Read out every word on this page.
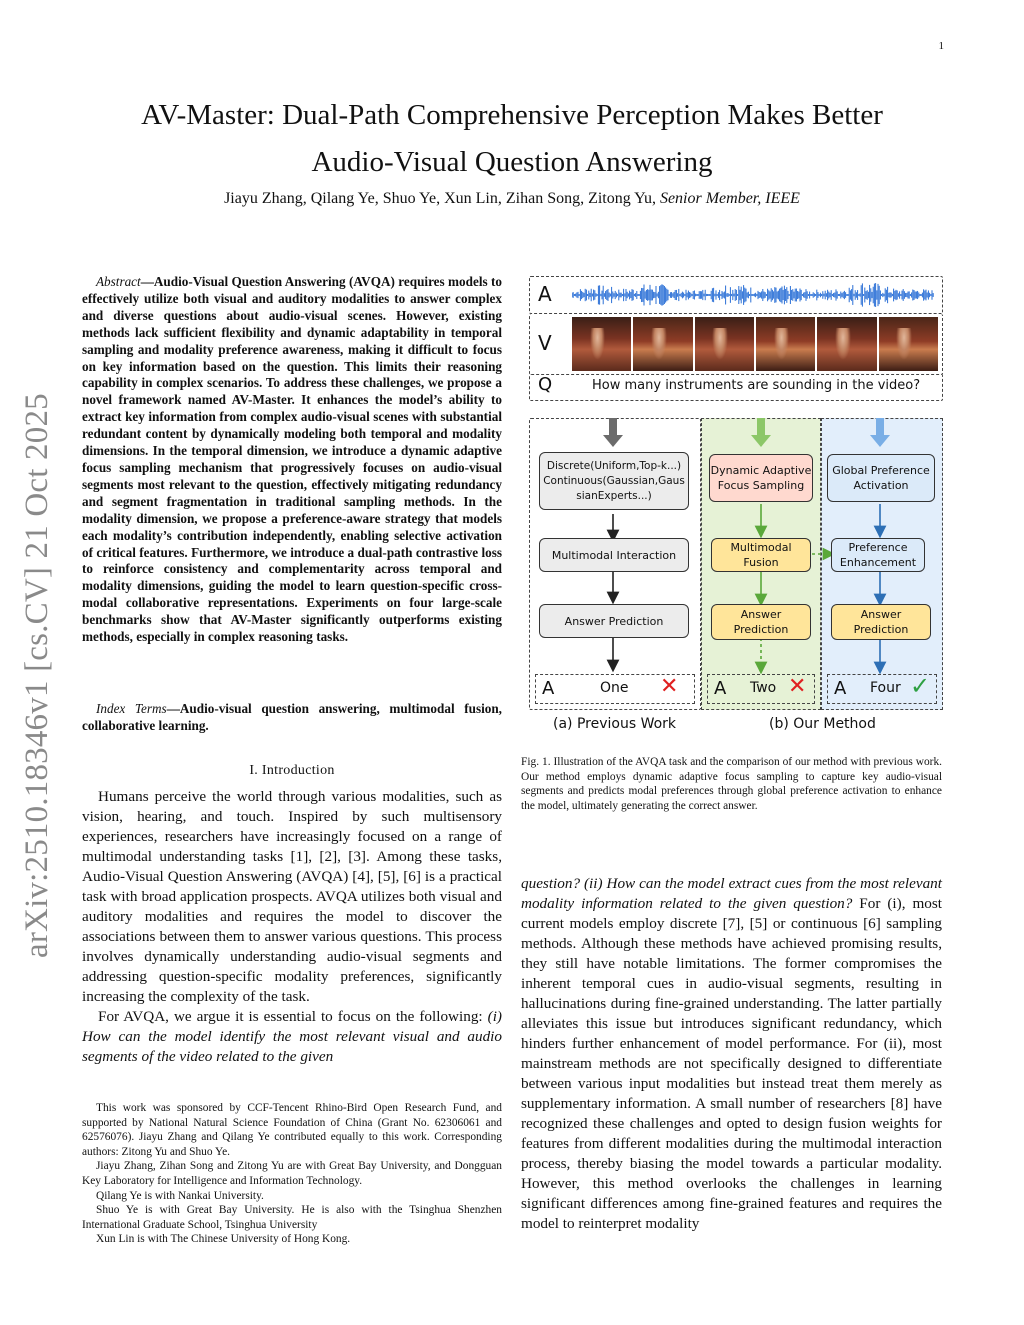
1
AV-Master: Dual-Path Comprehensive Perception Makes Better
Audio-Visual Question Answering
Jiayu Zhang, Qilang Ye, Shuo Ye, Xun Lin, Zihan Song, Zitong Yu, Senior Member, IEEE
arXiv:2510.18346v1 [cs.CV] 21 Oct 2025
Abstract—Audio-Visual Question Answering (AVQA) requires models to effectively utilize both visual and auditory modalities to answer complex and diverse questions about audio-visual scenes. However, existing methods lack sufficient flexibility and dynamic adaptability in temporal sampling and modality preference awareness, making it difficult to focus on key information based on the question. This limits their reasoning capability in complex scenarios. To address these challenges, we propose a novel framework named AV-Master. It enhances the model’s ability to extract key information from complex audio-visual scenes with substantial redundant content by dynamically modeling both temporal and modality dimensions. In the temporal dimension, we introduce a dynamic adaptive focus sampling mechanism that progressively focuses on audio-visual segments most relevant to the question, effectively mitigating redundancy and segment fragmentation in traditional sampling methods. In the modality dimension, we propose a preference-aware strategy that models each modality’s contribution independently, enabling selective activation of critical features. Furthermore, we introduce a dual-path contrastive loss to reinforce consistency and complementarity across temporal and modality dimensions, guiding the model to learn question-specific cross-modal collaborative representations. Experiments on four large-scale benchmarks show that AV-Master significantly outperforms existing methods, especially in complex reasoning tasks.
Index Terms—Audio-visual question answering, multimodal fusion, collaborative learning.
I. Introduction

Humans perceive the world through various modalities, such as vision, hearing, and touch. Inspired by such multisensory experiences, researchers have increasingly focused on a range of multimodal understanding tasks [1], [2], [3]. Among these tasks, Audio-Visual Question Answering (AVQA) [4], [5], [6] is a practical task with broad application prospects. AVQA utilizes both visual and auditory modalities and requires the model to discover the associations between them to answer various questions. This process involves dynamically understanding audio-visual segments and addressing question-specific modality preferences, significantly increasing the complexity of the task.

For AVQA, we argue it is essential to focus on the following: (i) How can the model identify the most relevant visual and audio segments of the video related to the given

This work was sponsored by CCF-Tencent Rhino-Bird Open Research Fund, and supported by National Natural Science Foundation of China (Grant No. 62306061 and 62576076). Jiayu Zhang and Qilang Ye contributed equally to this work. Corresponding authors: Zitong Yu and Shuo Ye.

Jiayu Zhang, Zihan Song and Zitong Yu are with Great Bay University, and Dongguan Key Laboratory for Intelligence and Information Technology.

Qilang Ye is with Nankai University.

Shuo Ye is with Great Bay University. He is also with the Tsinghua Shenzhen International Graduate School, Tsinghua University

Xun Lin is with The Chinese University of Hong Kong.

A
V
Q	How many instruments are sounding in the video?
Discrete(Uniform,Top-k...) Continuous(Gaussian,Gaus sianExperts...)
Multimodal Interaction
Answer Prediction
Dynamic Adaptive Focus Sampling
Multimodal Fusion
Answer Prediction
Global Preference Activation
Preference Enhancement
Answer Prediction
A	One ✕ A Two ✕ A Four ✓
(a) Previous Work	(b) Our Method
Fig. 1. Illustration of the AVQA task and the comparison of our method with previous work. Our method employs dynamic adaptive focus sampling to capture key audio-visual segments and predicts modal preferences through global preference activation to enhance the model, ultimately generating the correct answer.

question? (ii) How can the model extract cues from the most relevant modality information related to the given question? For (i), most current models employ discrete [7], [5] or continuous [6] sampling methods. Although these methods have achieved promising results, they still have notable limitations. The former compromises the inherent temporal cues in audio-visual segments, resulting in hallucinations during fine-grained understanding. The latter partially alleviates this issue but introduces significant redundancy, which hinders further enhancement of model performance. For (ii), most mainstream methods are not specifically designed to differentiate between various input modalities but instead treat them merely as supplementary information. A small number of researchers [8] have recognized these challenges and opted to design fusion weights for features from different modalities during the multimodal interaction process, thereby biasing the model towards a particular modality. However, this method overlooks the challenges in learning significant differences among fine-grained features and requires the model to reinterpret modality
